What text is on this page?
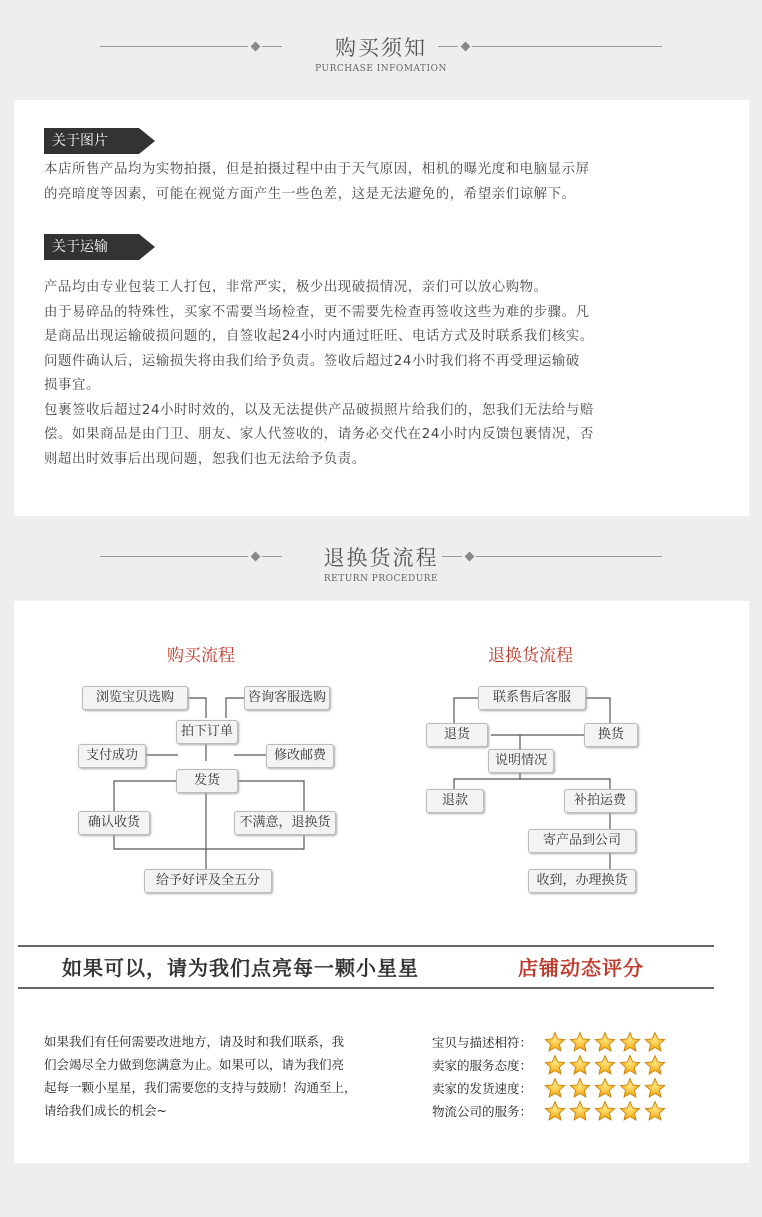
购买须知
PURCHASE INFOMATION
关于图片

本店所售产品均为实物拍摄，但是拍摄过程中由于天气原因，相机的曝光度和电脑显示屏

的亮暗度等因素，可能在视觉方面产生一些色差，这是无法避免的，希望亲们谅解下。

关于运输

产品均由专业包装工人打包，非常严实，极少出现破损情况，亲们可以放心购物。

由于易碎品的特殊性，买家不需要当场检查，更不需要先检查再签收这些为难的步骤。凡

是商品出现运输破损问题的，自签收起24小时内通过旺旺、电话方式及时联系我们核实。

问题件确认后，运输损失将由我们给予负责。签收后超过24小时我们将不再受理运输破

损事宜。

包裹签收后超过24小时时效的，以及无法提供产品破损照片给我们的，恕我们无法给与赔

偿。如果商品是由门卫、朋友、家人代签收的，请务必交代在24小时内反馈包裹情况，否

则超出时效事后出现问题，恕我们也无法给予负责。

退换货流程
RETURN PROCEDURE
购买流程
浏览宝贝选购	咨询客服选购
拍下订单
支付成功	修改邮费
发货
确认收货	不满意，退换货
给予好评及全五分
退换货流程
联系售后客服
退货	换货
说明情况
退款	补拍运费
寄产品到公司
收到，办理换货
如果可以，请为我们点亮每一颗小星星	店铺动态评分
如果我们有任何需要改进地方，请及时和我们联系，我
们会竭尽全力做到您满意为止。如果可以，请为我们亮
起每一颗小星星，我们需要您的支持与鼓励！沟通至上，
请给我们成长的机会~
宝贝与描述相符：
卖家的服务态度：
卖家的发货速度：
物流公司的服务：
